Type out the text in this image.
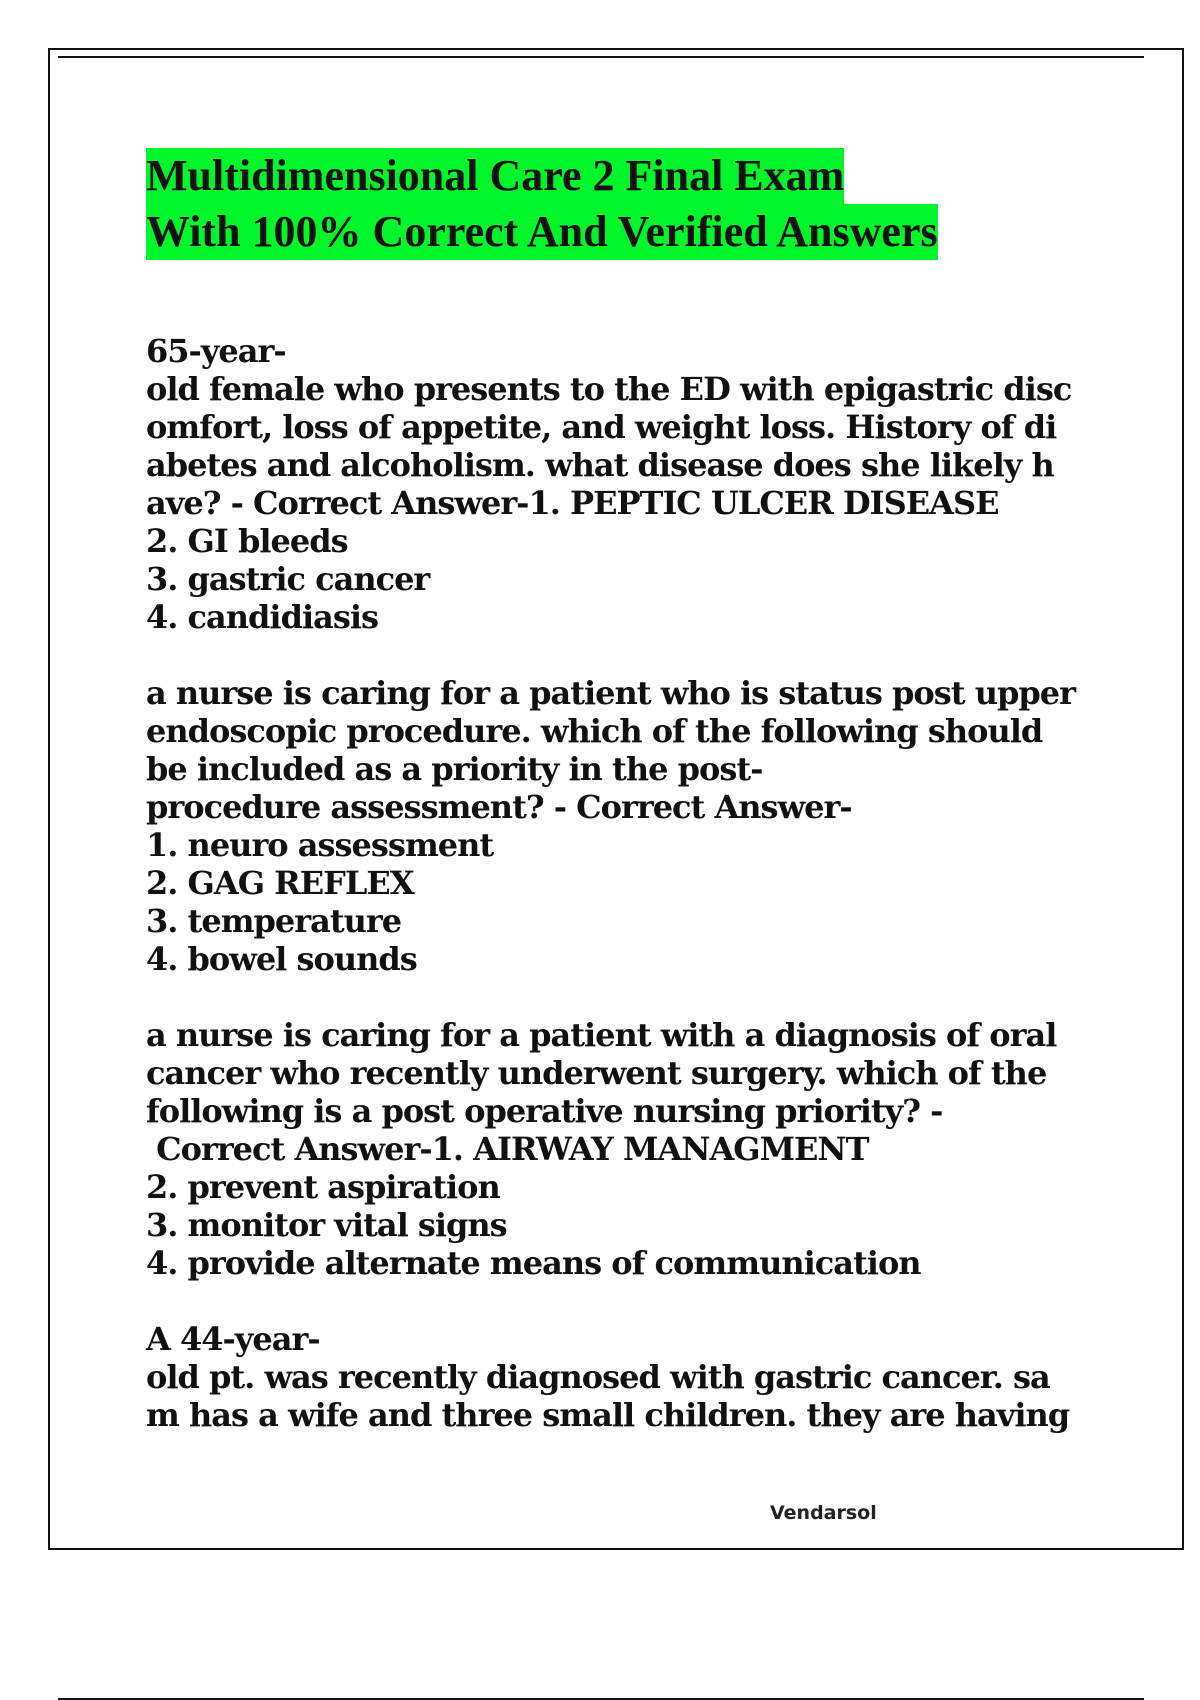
Multidimensional Care 2 Final Exam
With 100% Correct And Verified Answers
65-year-
old female who presents to the ED with epigastric disc
omfort, loss of appetite, and weight loss. History of di
abetes and alcoholism. what disease does she likely h
ave? - Correct Answer-1. PEPTIC ULCER DISEASE
2. GI bleeds
3. gastric cancer
4. candidiasis
a nurse is caring for a patient who is status post upper
endoscopic procedure. which of the following should
be included as a priority in the post-
procedure assessment? - Correct Answer-
1. neuro assessment
2. GAG REFLEX
3. temperature
4. bowel sounds
a nurse is caring for a patient with a diagnosis of oral
cancer who recently underwent surgery. which of the
following is a post operative nursing priority? -
Correct Answer-1. AIRWAY MANAGMENT
2. prevent aspiration
3. monitor vital signs
4. provide alternate means of communication
A 44-year-
old pt. was recently diagnosed with gastric cancer. sa
m has a wife and three small children. they are having
Vendarsol
